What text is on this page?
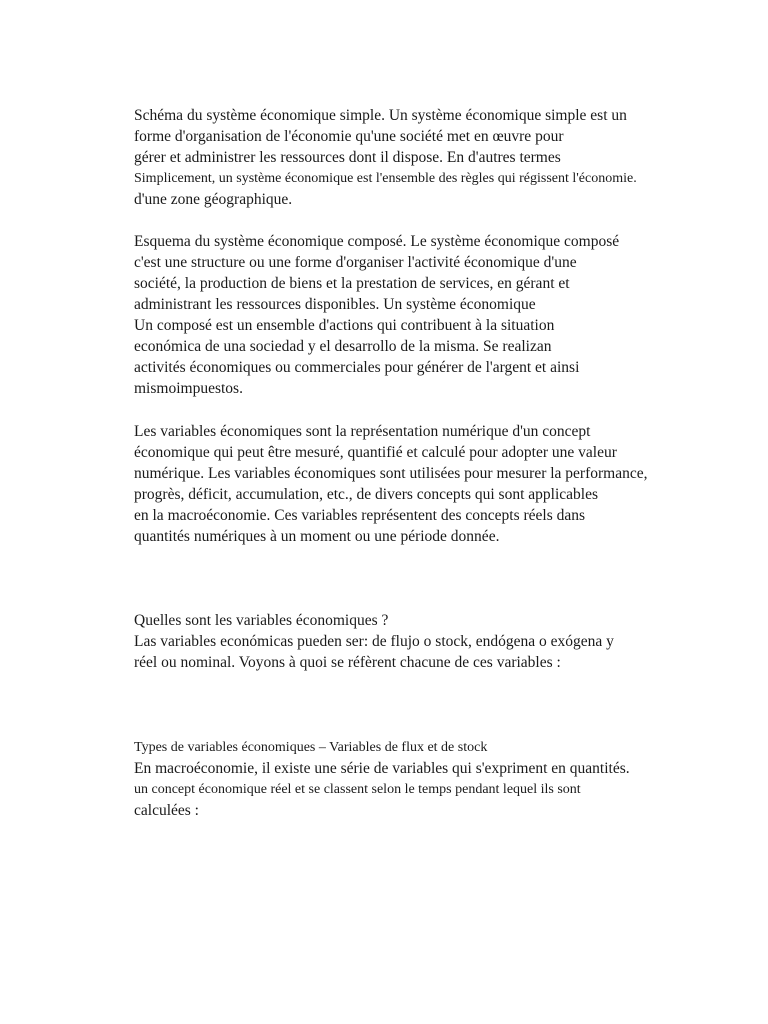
Schéma du système économique simple. Un système économique simple est un
forme d'organisation de l'économie qu'une société met en œuvre pour
gérer et administrer les ressources dont il dispose. En d'autres termes
Simplicement, un système économique est l'ensemble des règles qui régissent l'économie.
d'une zone géographique.
Esquema du système économique composé. Le système économique composé
c'est une structure ou une forme d'organiser l'activité économique d'une
société, la production de biens et la prestation de services, en gérant et
administrant les ressources disponibles. Un système économique
Un composé est un ensemble d'actions qui contribuent à la situation
económica de una sociedad y el desarrollo de la misma. Se realizan
activités économiques ou commerciales pour générer de l'argent et ainsi
mismoimpuestos.
Les variables économiques sont la représentation numérique d'un concept
économique qui peut être mesuré, quantifié et calculé pour adopter une valeur
numérique. Les variables économiques sont utilisées pour mesurer la performance,
progrès, déficit, accumulation, etc., de divers concepts qui sont applicables
en la macroéconomie. Ces variables représentent des concepts réels dans
quantités numériques à un moment ou une période donnée.
Quelles sont les variables économiques ?
Las variables económicas pueden ser: de flujo o stock, endógena o exógena y
réel ou nominal. Voyons à quoi se réfèrent chacune de ces variables :
Types de variables économiques – Variables de flux et de stock
En macroéconomie, il existe une série de variables qui s'expriment en quantités.
un concept économique réel et se classent selon le temps pendant lequel ils sont
calculées :
